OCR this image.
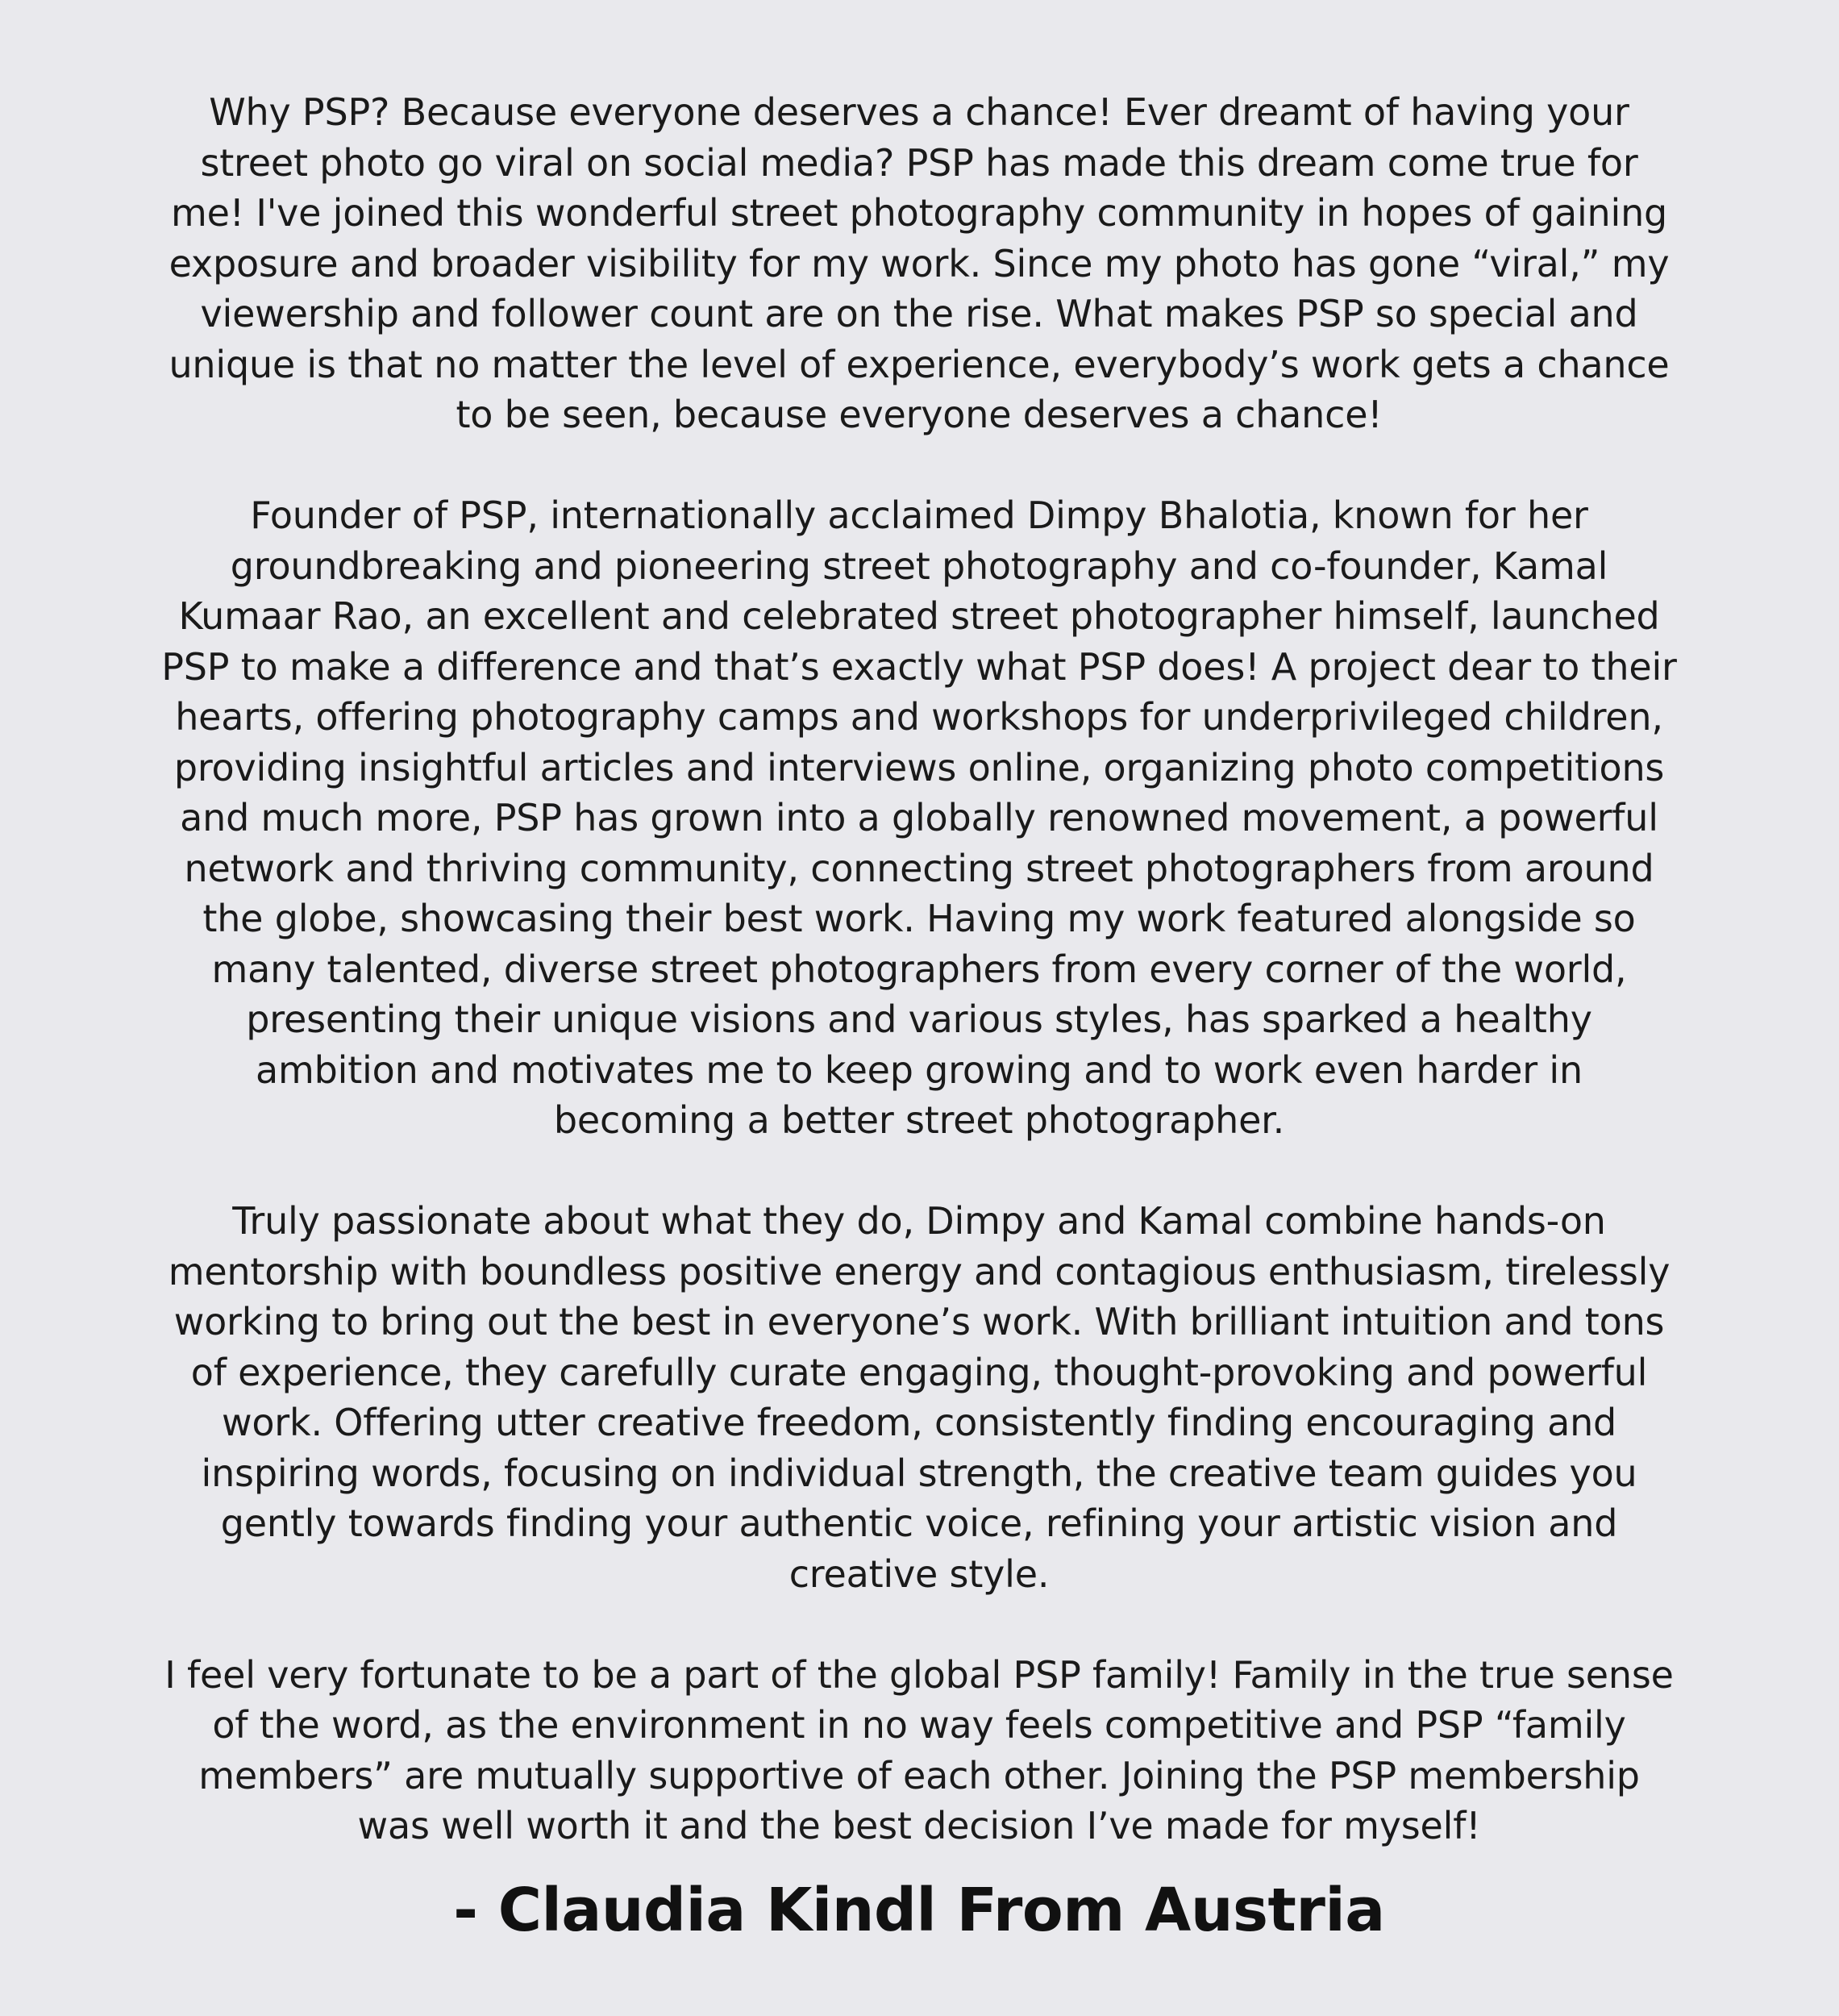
Why PSP? Because everyone deserves a chance! Ever dreamt of having your street photo go viral on social media? PSP has made this dream come true for me! I've joined this wonderful street photography community in hopes of gaining exposure and broader visibility for my work. Since my photo has gone “viral,” my viewership and follower count are on the rise. What makes PSP so special and unique is that no matter the level of experience, everybody’s work gets a chance to be seen, because everyone deserves a chance!

Founder of PSP, internationally acclaimed Dimpy Bhalotia, known for her groundbreaking and pioneering street photography and co-founder, Kamal Kumaar Rao, an excellent and celebrated street photographer himself, launched PSP to make a difference and that’s exactly what PSP does! A project dear to their hearts, offering photography camps and workshops for underprivileged children, providing insightful articles and interviews online, organizing photo competitions and much more, PSP has grown into a globally renowned movement, a powerful network and thriving community, connecting street photographers from around the globe, showcasing their best work. Having my work featured alongside so many talented, diverse street photographers from every corner of the world, presenting their unique visions and various styles, has sparked a healthy ambition and motivates me to keep growing and to work even harder in becoming a better street photographer.

Truly passionate about what they do, Dimpy and Kamal combine hands-on mentorship with boundless positive energy and contagious enthusiasm, tirelessly working to bring out the best in everyone’s work. With brilliant intuition and tons of experience, they carefully curate engaging, thought-provoking and powerful work. Offering utter creative freedom, consistently finding encouraging and inspiring words, focusing on individual strength, the creative team guides you gently towards finding your authentic voice, refining your artistic vision and creative style.

I feel very fortunate to be a part of the global PSP family! Family in the true sense of the word, as the environment in no way feels competitive and PSP “family members” are mutually supportive of each other. Joining the PSP membership was well worth it and the best decision I’ve made for myself!

- Claudia Kindl From Austria
